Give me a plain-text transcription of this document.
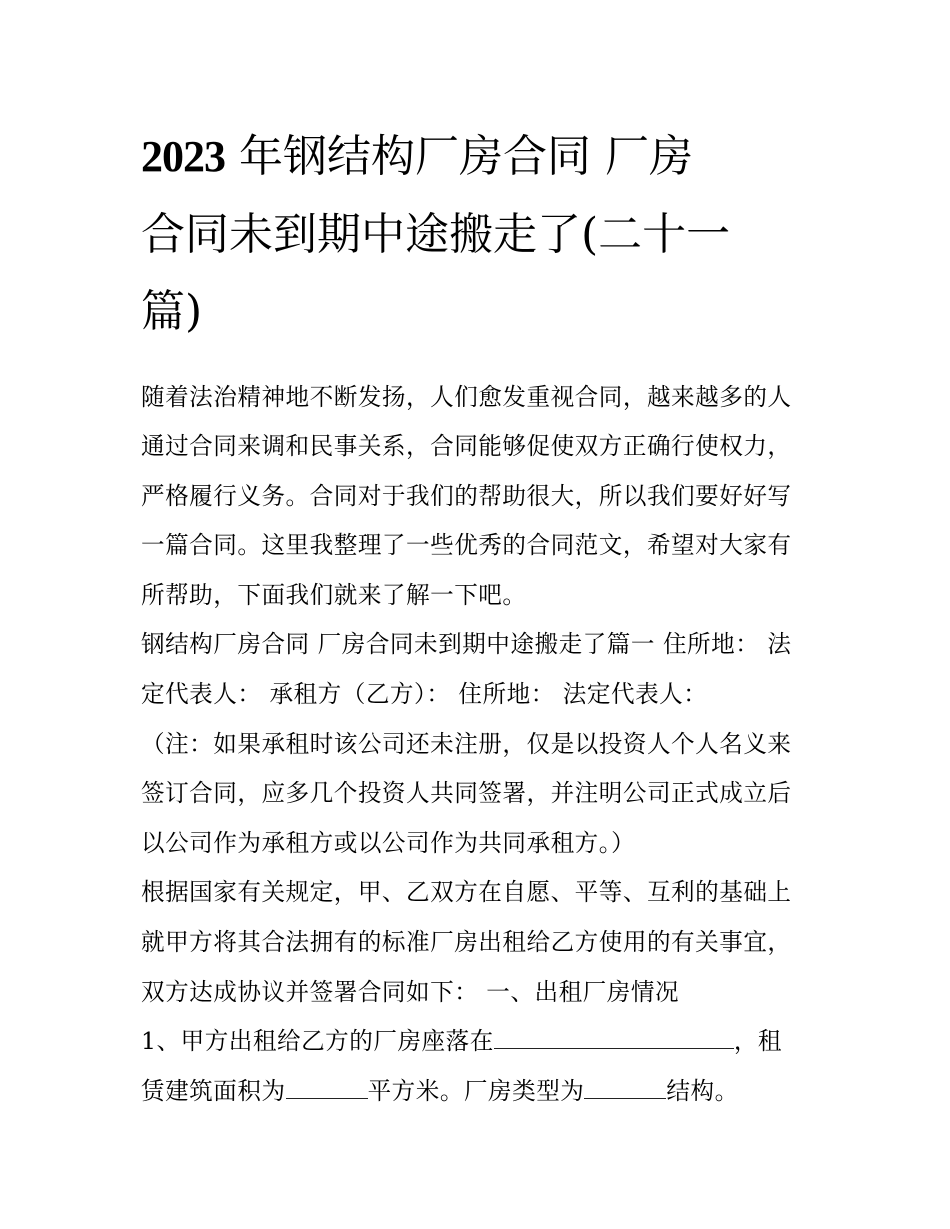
2023 年钢结构厂房合同 厂房
合同未到期中途搬走了(二十一
篇)
随着法治精神地不断发扬，人们愈发重视合同，越来越多的人
通过合同来调和民事关系，合同能够促使双方正确行使权力，
严格履行义务。合同对于我们的帮助很大，所以我们要好好写
一篇合同。这里我整理了一些优秀的合同范文，希望对大家有
所帮助，下面我们就来了解一下吧。
钢结构厂房合同 厂房合同未到期中途搬走了篇一 住所地： 法
定代表人： 承租方（乙方）： 住所地： 法定代表人：
（注：如果承租时该公司还未注册，仅是以投资人个人名义来
签订合同，应多几个投资人共同签署，并注明公司正式成立后
以公司作为承租方或以公司作为共同承租方。）
根据国家有关规定，甲、乙双方在自愿、平等、互利的基础上
就甲方将其合法拥有的标准厂房出租给乙方使用的有关事宜，
双方达成协议并签署合同如下： 一、出租厂房情况
1、甲方出租给乙方的厂房座落在	，租
赁建筑面积为	平方米。厂房类型为	结构。
